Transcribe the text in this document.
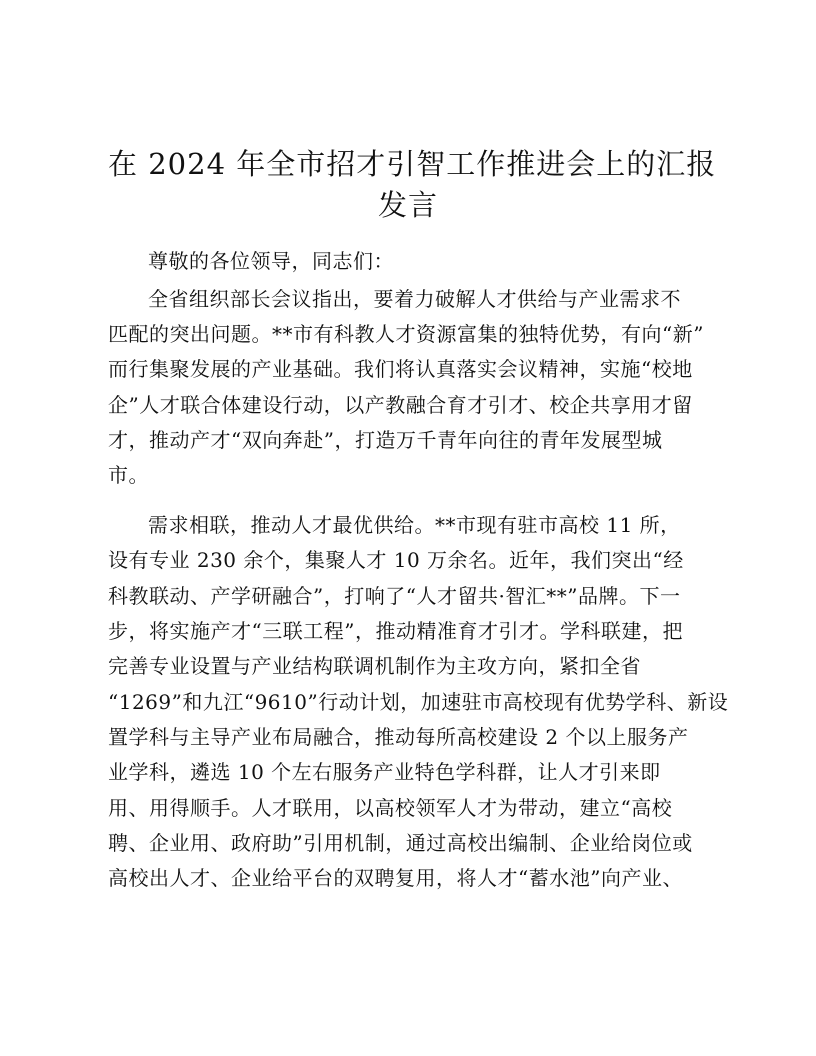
在 2024 年全市招才引智工作推进会上的汇报
发言
尊敬的各位领导，同志们：
全省组织部长会议指出，要着力破解人才供给与产业需求不
匹配的突出问题。**市有科教人才资源富集的独特优势，有向“新”
而行集聚发展的产业基础。我们将认真落实会议精神，实施“校地
企”人才联合体建设行动，以产教融合育才引才、校企共享用才留
才，推动产才“双向奔赴”，打造万千青年向往的青年发展型城
市。
需求相联，推动人才最优供给。**市现有驻市高校 11 所，
设有专业 230 余个，集聚人才 10 万余名。近年，我们突出“经
科教联动、产学研融合”，打响了“人才留共·智汇**”品牌。下一
步，将实施产才“三联工程”，推动精准育才引才。学科联建，把
完善专业设置与产业结构联调机制作为主攻方向，紧扣全省
“1269”和九江“9610”行动计划，加速驻市高校现有优势学科、新设
置学科与主导产业布局融合，推动每所高校建设 2 个以上服务产
业学科，遴选 10 个左右服务产业特色学科群，让人才引来即
用、用得顺手。人才联用，以高校领军人才为带动，建立“高校
聘、企业用、政府助”引用机制，通过高校出编制、企业给岗位或
高校出人才、企业给平台的双聘复用，将人才“蓄水池”向产业、
